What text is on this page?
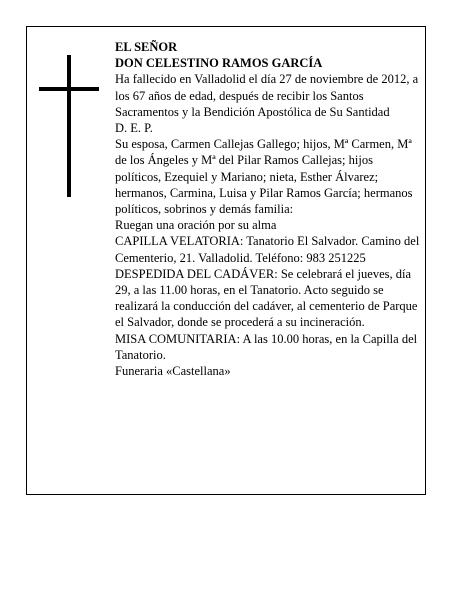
EL SEÑOR

DON CELESTINO RAMOS GARCÍA

Ha fallecido en Valladolid el día 27 de noviembre de 2012, a los 67 años de edad, después de recibir los Santos Sacramentos y la Bendición Apostólica de Su Santidad

D. E. P.

Su esposa, Carmen Callejas Gallego; hijos, Mª Carmen, Mª de los Ángeles y Mª del Pilar Ramos Callejas; hijos políticos, Ezequiel y Mariano; nieta, Esther Álvarez; hermanos, Carmina, Luisa y Pilar Ramos García; hermanos políticos, sobrinos y demás familia:

Ruegan una oración por su alma

CAPILLA VELATORIA: Tanatorio El Salvador. Camino del Cementerio, 21. Valladolid. Teléfono: 983 251225

DESPEDIDA DEL CADÁVER: Se celebrará el jueves, día 29, a las 11.00 horas, en el Tanatorio. Acto seguido se realizará la conducción del cadáver, al cementerio de Parque el Salvador, donde se procederá a su incineración.

MISA COMUNITARIA: A las 10.00 horas, en la Capilla del Tanatorio.

Funeraria «Castellana»
